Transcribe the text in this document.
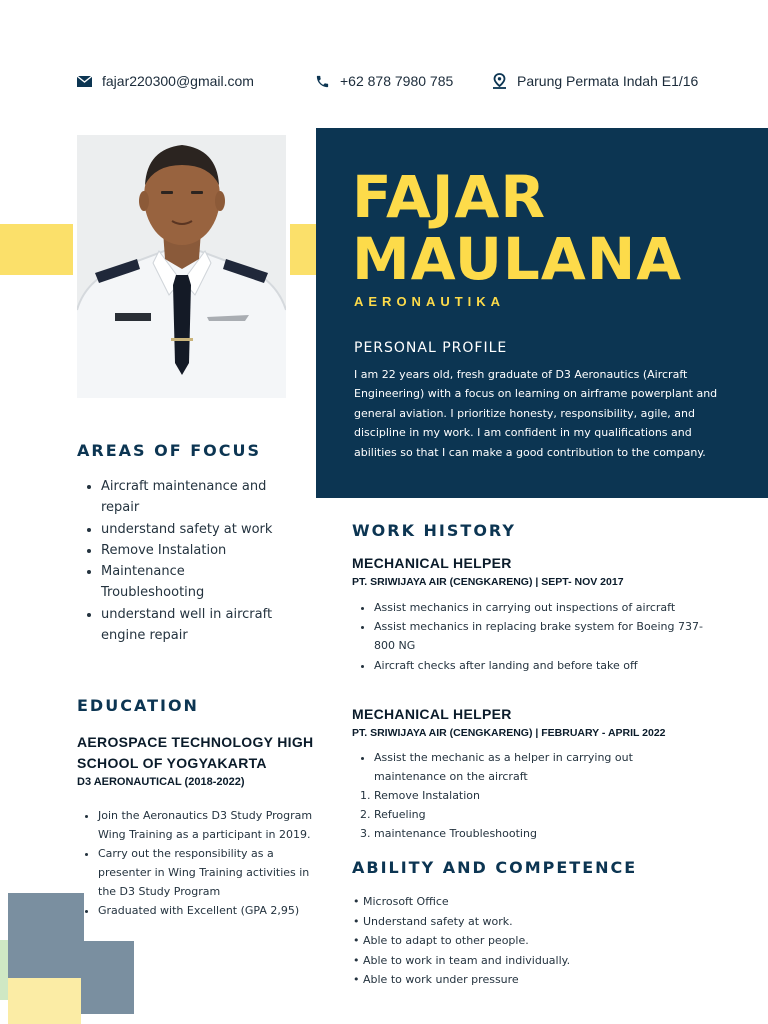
fajar220300@gmail.com	+62 878 7980 785	Parung Permata Indah E1/16
FAJAR
MAULANA
AERONAUTIKA
PERSONAL PROFILE
I am 22 years old, fresh graduate of D3 Aeronautics (Aircraft Engineering) with a focus on learning on airframe powerplant and general aviation. I prioritize honesty, responsibility, agile, and discipline in my work. I am confident in my qualifications and abilities so that I can make a good contribution to the company.
AREAS OF FOCUS
• Aircraft maintenance and repair
• understand safety at work
• Remove Instalation
• Maintenance Troubleshooting
• understand well in aircraft engine repair
EDUCATION
AEROSPACE TECHNOLOGY HIGH SCHOOL OF YOGYAKARTA
D3 AERONAUTICAL (2018-2022)
• Join the Aeronautics D3 Study Program Wing Training as a participant in 2019.
• Carry out the responsibility as a presenter in Wing Training activities in the D3 Study Program
• Graduated with Excellent (GPA 2,95)
WORK HISTORY
MECHANICAL HELPER
PT. SRIWIJAYA AIR (CENGKARENG) | SEPT- NOV 2017
• Assist mechanics in carrying out inspections of aircraft
• Assist mechanics in replacing brake system for Boeing 737-800 NG
• Aircraft checks after landing and before take off
MECHANICAL HELPER
PT. SRIWIJAYA AIR (CENGKARENG) | FEBRUARY - APRIL 2022
• Assist the mechanic as a helper in carrying out maintenance on the aircraft
1. Remove Instalation
2. Refueling
3. maintenance Troubleshooting
ABILITY AND COMPETENCE
• Microsoft Office
• Understand safety at work.
• Able to adapt to other people.
• Able to work in team and individually.
• Able to work under pressure
